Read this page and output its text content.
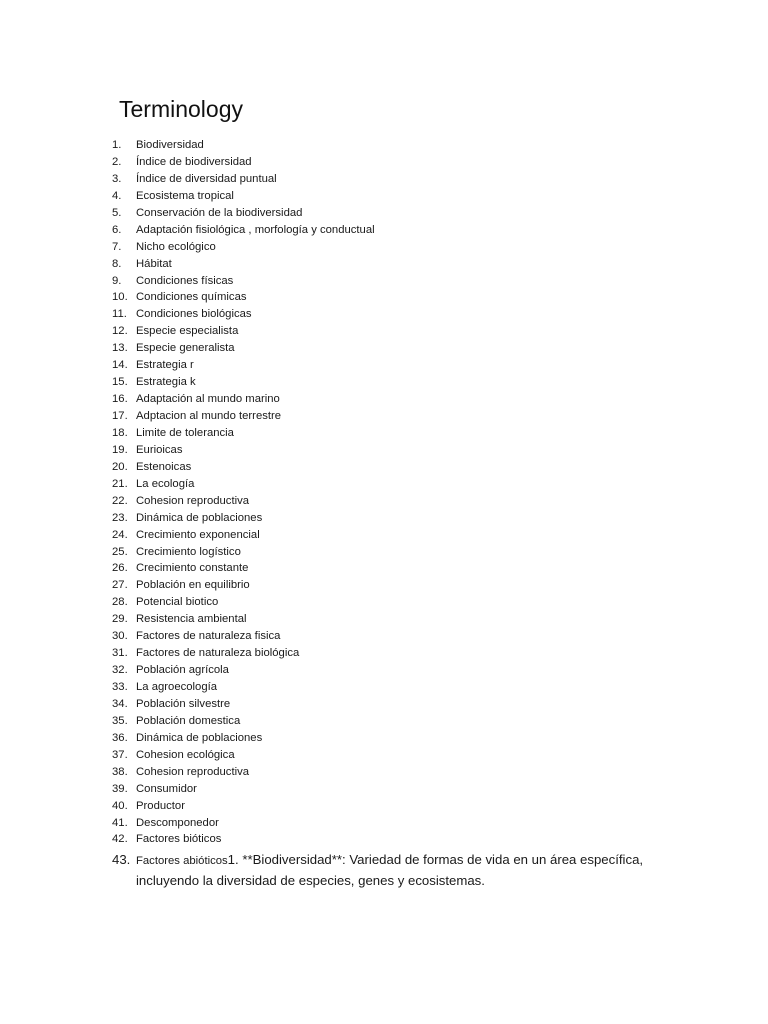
Terminology
1.	Biodiversidad
2.	Índice de biodiversidad
3.	Índice de diversidad puntual
4.	Ecosistema tropical
5.	Conservación de la biodiversidad
6.	Adaptación fisiológica , morfología y conductual
7.	Nicho ecológico
8.	Hábitat
9.	Condiciones físicas
10. Condiciones químicas
11. Condiciones biológicas
12. Especie especialista
13. Especie generalista
14. Estrategia r
15. Estrategia k
16. Adaptación al mundo marino
17. Adptacion al mundo terrestre
18. Limite de tolerancia
19. Eurioicas
20. Estenoicas
21. La ecología
22. Cohesion reproductiva
23. Dinámica de poblaciones
24. Crecimiento exponencial
25. Crecimiento logístico
26. Crecimiento constante
27. Población en equilibrio
28. Potencial biotico
29. Resistencia ambiental
30. Factores de naturaleza fisica
31. Factores de naturaleza biológica
32. Población agrícola
33. La agroecología
34. Población silvestre
35. Población domestica
36. Dinámica de poblaciones
37. Cohesion ecológica
38. Cohesion reproductiva
39. Consumidor
40. Productor
41. Descomponedor
42. Factores bióticos
43. Factores abióticos1. **Biodiversidad**: Variedad de formas de vida en un área específica,
incluyendo la diversidad de especies, genes y ecosistemas.
